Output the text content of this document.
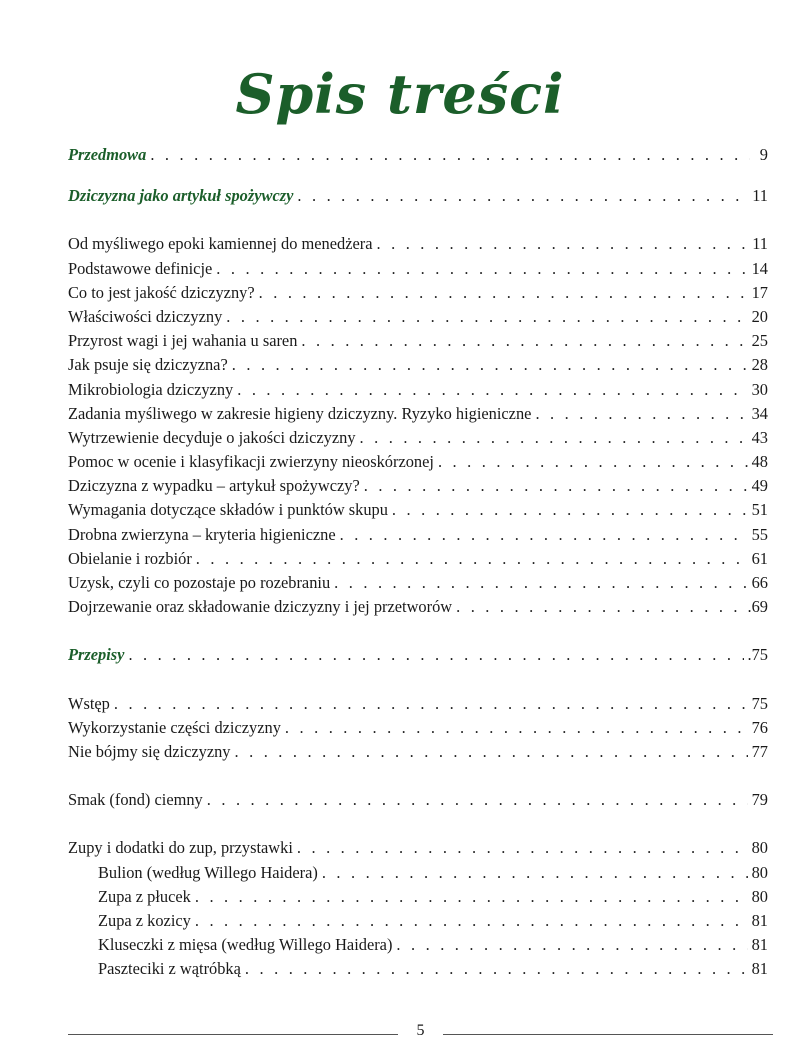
Spis treści
Przedmowa . . .	9
Dziczyzna jako artykuł spożywczy . . .	11
Od myśliwego epoki kamiennej do menedżera . . .	11
Podstawowe definicje . . .	14
Co to jest jakość dziczyzny? . . .	17
Właściwości dziczyzny . . .	20
Przyrost wagi i jej wahania u saren . . .	25
Jak psuje się dziczyzna? . . .	28
Mikrobiologia dziczyzny . . .	30
Zadania myśliwego w zakresie higieny dziczyzny. Ryzyko higieniczne . . .	34
Wytrzewienie decyduje o jakości dziczyzny . . .	43
Pomoc w ocenie i klasyfikacji zwierzyny nieoskórzonej . . .	48
Dziczyzna z wypadku – artykuł spożywczy? . . .	49
Wymagania dotyczące składów i punktów skupu . . .	51
Drobna zwierzyna – kryteria higieniczne . . .	55
Obielanie i rozbiór . . .	61
Uzysk, czyli co pozostaje po rozebraniu . . .	66
Dojrzewanie oraz składowanie dziczyzny i jej przetworów . . .	.69
Przepisy . . .	.75
Wstęp . . .	75
Wykorzystanie części dziczyzny . . .	76
Nie bójmy się dziczyzny . . .	77
Smak (fond) ciemny . . .	79
Zupy i dodatki do zup, przystawki . . .	80
Bulion (według Willego Haidera) . . .	80
Zupa z płucek . . .	80
Zupa z kozicy . . .	81
Kluseczki z mięsa (według Willego Haidera) . . .	81
Paszteciki z wątróbką . . .	81
5
